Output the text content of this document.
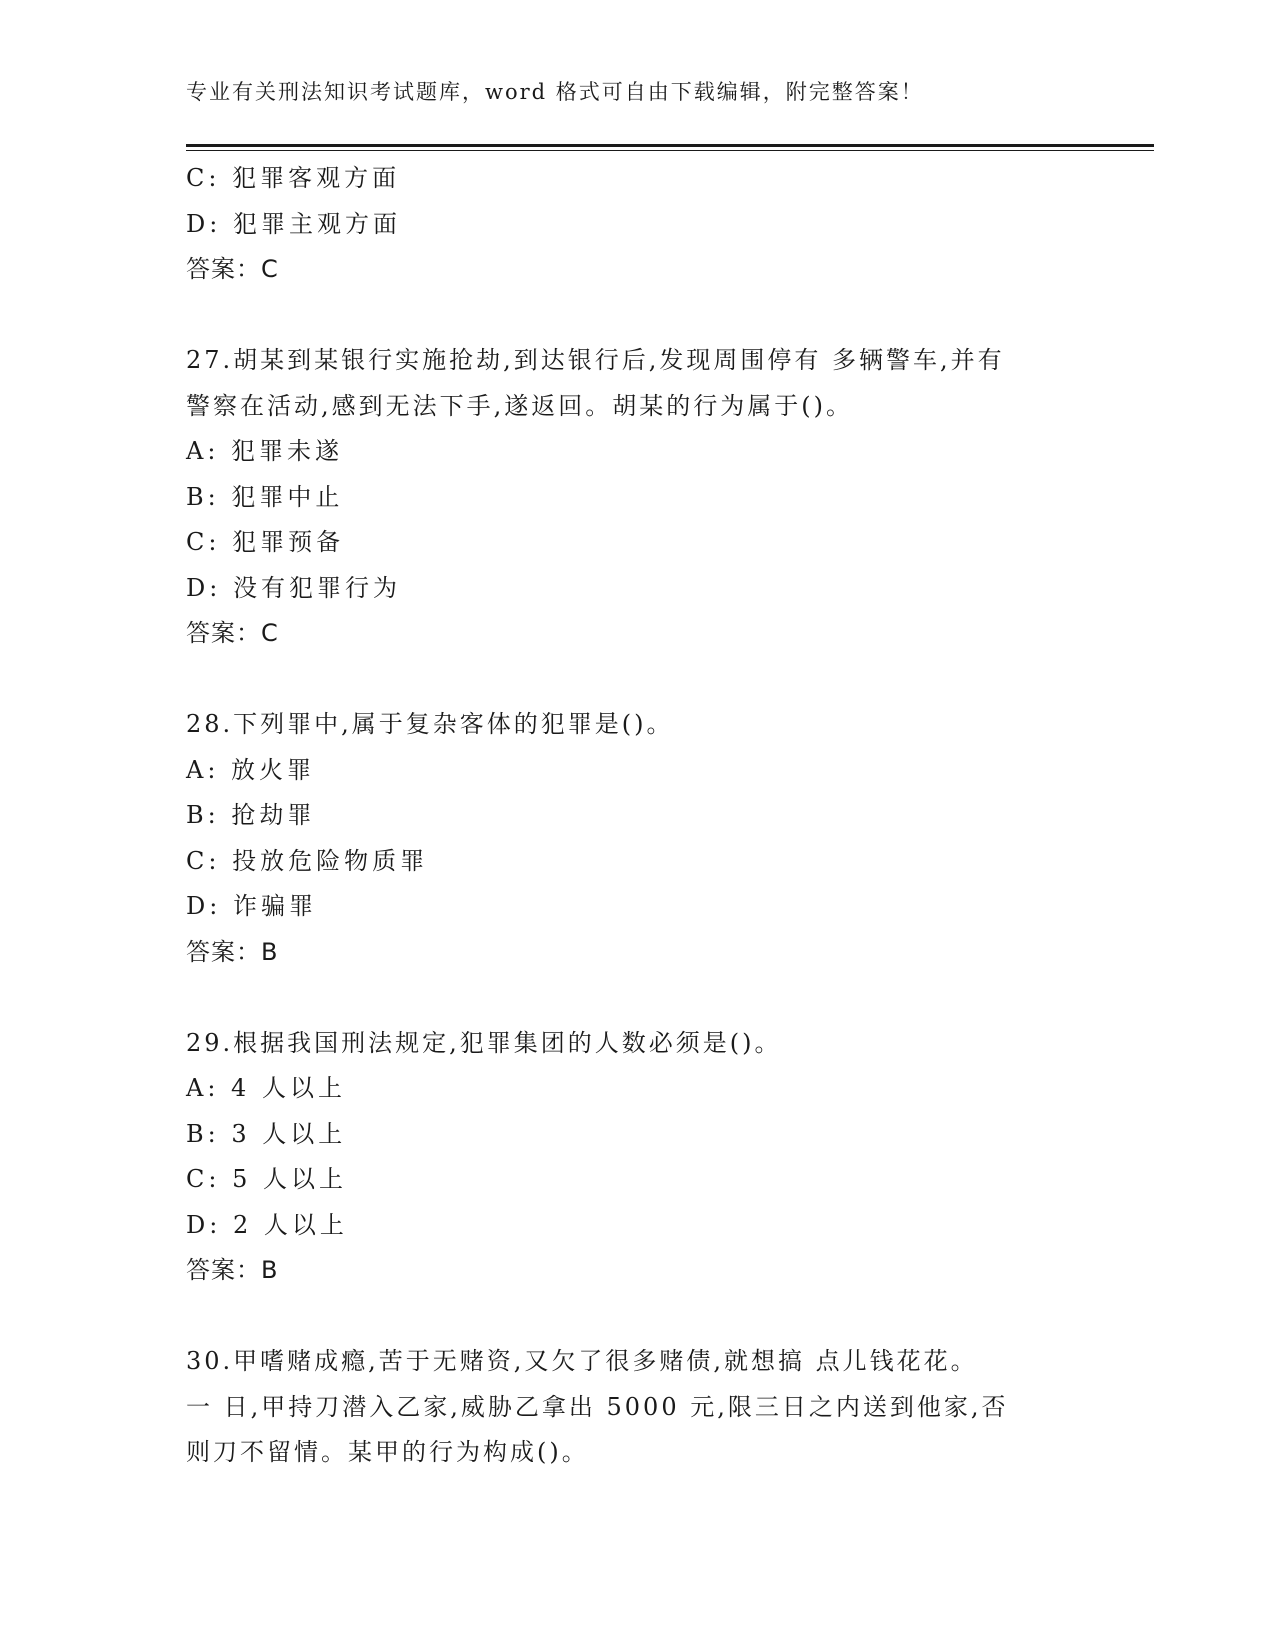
专业有关刑法知识考试题库，word 格式可自由下载编辑，附完整答案！
C: 犯罪客观方面
D: 犯罪主观方面
答案：C
27.胡某到某银行实施抢劫,到达银行后,发现周围停有 多辆警车,并有
警察在活动,感到无法下手,遂返回。胡某的行为属于()。
A: 犯罪未遂
B: 犯罪中止
C: 犯罪预备
D: 没有犯罪行为
答案：C
28.下列罪中,属于复杂客体的犯罪是()。
A: 放火罪
B: 抢劫罪
C: 投放危险物质罪
D: 诈骗罪
答案：B
29.根据我国刑法规定,犯罪集团的人数必须是()。
A: 4 人以上
B: 3 人以上
C: 5 人以上
D: 2 人以上
答案：B
30.甲嗜赌成瘾,苦于无赌资,又欠了很多赌债,就想搞 点儿钱花花。
一 日,甲持刀潜入乙家,威胁乙拿出 5000 元,限三日之内送到他家,否
则刀不留情。某甲的行为构成()。
